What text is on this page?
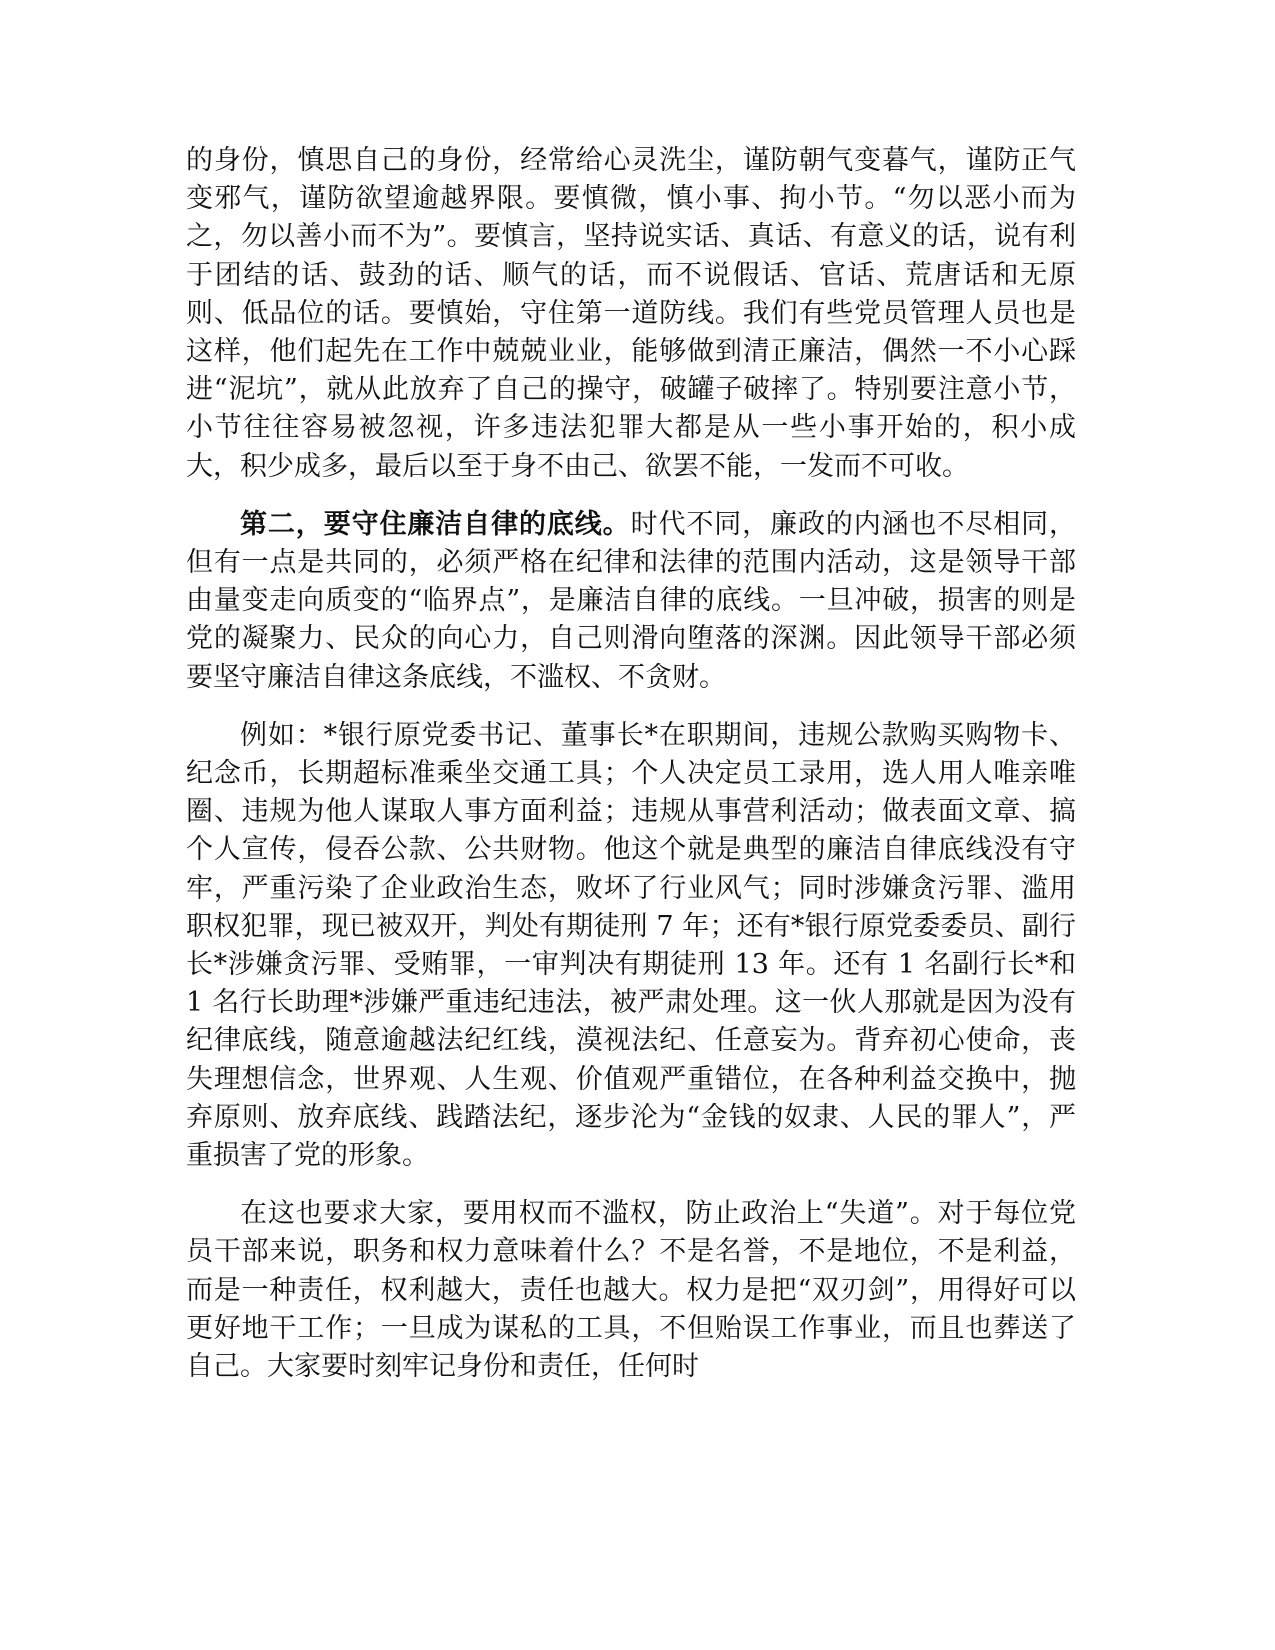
的身份，慎思自己的身份，经常给心灵洗尘，谨防朝气变暮气，谨防正气变邪气，谨防欲望逾越界限。要慎微，慎小事、拘小节。“勿以恶小而为之，勿以善小而不为”。要慎言，坚持说实话、真话、有意义的话，说有利于团结的话、鼓劲的话、顺气的话，而不说假话、官话、荒唐话和无原则、低品位的话。要慎始，守住第一道防线。我们有些党员管理人员也是这样，他们起先在工作中兢兢业业，能够做到清正廉洁，偶然一不小心踩进“泥坑”，就从此放弃了自己的操守，破罐子破摔了。特别要注意小节，小节往往容易被忽视，许多违法犯罪大都是从一些小事开始的，积小成大，积少成多，最后以至于身不由己、欲罢不能，一发而不可收。

第二，要守住廉洁自律的底线。时代不同，廉政的内涵也不尽相同，但有一点是共同的，必须严格在纪律和法律的范围内活动，这是领导干部由量变走向质变的“临界点”，是廉洁自律的底线。一旦冲破，损害的则是党的凝聚力、民众的向心力，自己则滑向堕落的深渊。因此领导干部必须要坚守廉洁自律这条底线，不滥权、不贪财。

例如：*银行原党委书记、董事长*在职期间，违规公款购买购物卡、纪念币，长期超标准乘坐交通工具；个人决定员工录用，选人用人唯亲唯圈、违规为他人谋取人事方面利益；违规从事营利活动；做表面文章、搞个人宣传，侵吞公款、公共财物。他这个就是典型的廉洁自律底线没有守牢，严重污染了企业政治生态，败坏了行业风气；同时涉嫌贪污罪、滥用职权犯罪，现已被双开，判处有期徒刑 7 年；还有*银行原党委委员、副行长*涉嫌贪污罪、受贿罪，一审判决有期徒刑 13 年。还有 1 名副行长*和 1 名行长助理*涉嫌严重违纪违法，被严肃处理。这一伙人那就是因为没有纪律底线，随意逾越法纪红线，漠视法纪、任意妄为。背弃初心使命，丧失理想信念，世界观、人生观、价值观严重错位，在各种利益交换中，抛弃原则、放弃底线、践踏法纪，逐步沦为“金钱的奴隶、人民的罪人”，严重损害了党的形象。

在这也要求大家，要用权而不滥权，防止政治上“失道”。对于每位党员干部来说，职务和权力意味着什么？不是名誉，不是地位，不是利益，而是一种责任，权利越大，责任也越大。权力是把“双刃剑”，用得好可以更好地干工作；一旦成为谋私的工具，不但贻误工作事业，而且也葬送了自己。大家要时刻牢记身份和责任，任何时
